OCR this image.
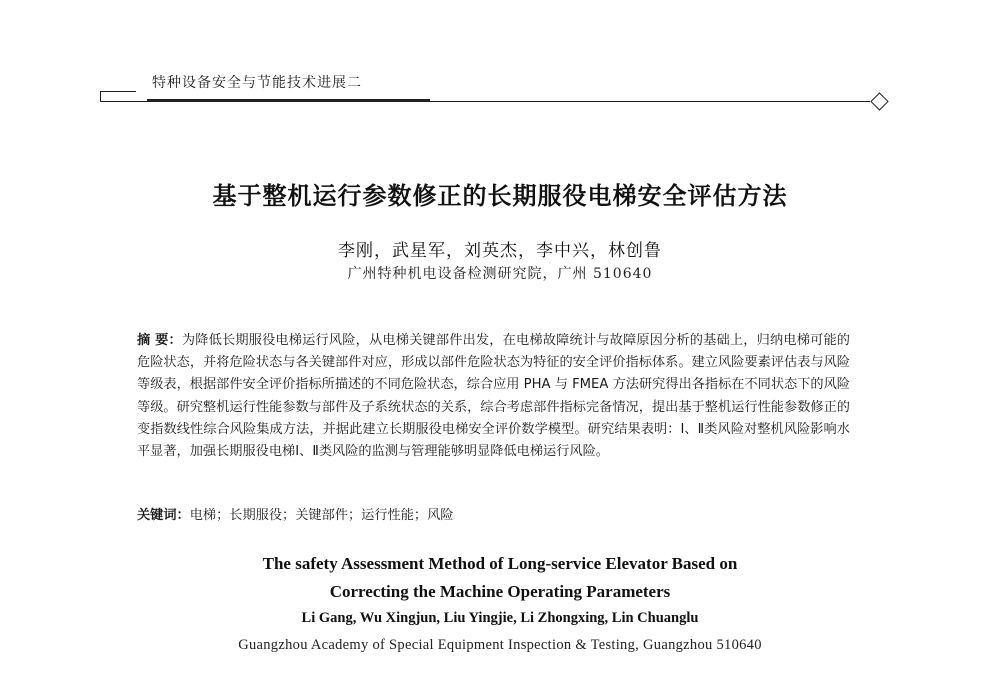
特种设备安全与节能技术进展二
基于整机运行参数修正的长期服役电梯安全评估方法
李刚，武星军，刘英杰，李中兴，林创鲁
广州特种机电设备检测研究院，广州 510640
摘 要：为降低长期服役电梯运行风险，从电梯关键部件出发，在电梯故障统计与故障原因分析的基础上，归纳电梯可能的危险状态，并将危险状态与各关键部件对应，形成以部件危险状态为特征的安全评价指标体系。建立风险要素评估表与风险等级表，根据部件安全评价指标所描述的不同危险状态，综合应用 PHA 与 FMEA 方法研究得出各指标在不同状态下的风险等级。研究整机运行性能参数与部件及子系统状态的关系，综合考虑部件指标完备情况，提出基于整机运行性能参数修正的变指数线性综合风险集成方法，并据此建立长期服役电梯安全评价数学模型。研究结果表明：Ⅰ、Ⅱ类风险对整机风险影响水平显著，加强长期服役电梯Ⅰ、Ⅱ类风险的监测与管理能够明显降低电梯运行风险。
关键词：电梯；长期服役；关键部件；运行性能；风险
The safety Assessment Method of Long-service Elevator Based on
Correcting the Machine Operating Parameters
Li Gang, Wu Xingjun, Liu Yingjie, Li Zhongxing, Lin Chuanglu
Guangzhou Academy of Special Equipment Inspection & Testing, Guangzhou 510640
